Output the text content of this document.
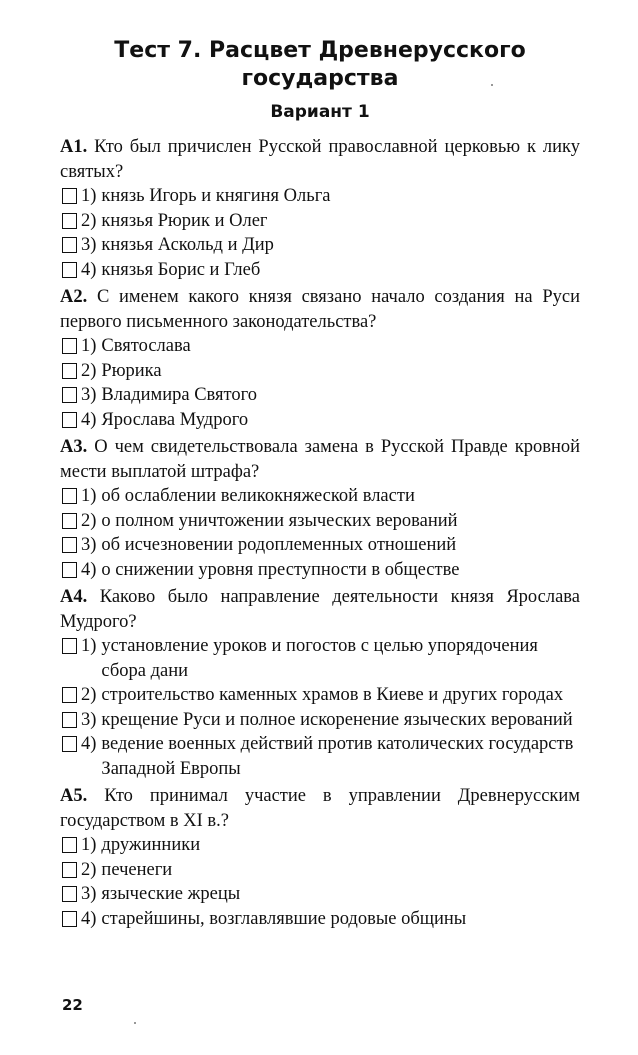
Тест 7. Расцвет Древнерусского
государства
Вариант 1
А1. Кто был причислен Русской православной церковью к лику святых?
1) князь Игорь и княгиня Ольга
2) князья Рюрик и Олег
3) князья Аскольд и Дир
4) князья Борис и Глеб
А2. С именем какого князя связано начало создания на Руси первого письменного законодательства?
1) Святослава
2) Рюрика
3) Владимира Святого
4) Ярослава Мудрого
А3. О чем свидетельствовала замена в Русской Правде кровной мести выплатой штрафа?
1) об ослаблении великокняжеской власти
2) о полном уничтожении языческих верований
3) об исчезновении родоплеменных отношений
4) о снижении уровня преступности в обществе
А4. Каково было направление деятельности князя Ярослава Мудрого?
1) установление уроков и погостов с целью упорядочения сбора дани
2) строительство каменных храмов в Киеве и других городах
3) крещение Руси и полное искоренение языческих верований
4) ведение военных действий против католических государств Западной Европы
А5. Кто принимал участие в управлении Древнерусским государством в XI в.?
1) дружинники
2) печенеги
3) языческие жрецы
4) старейшины, возглавлявшие родовые общины
22
